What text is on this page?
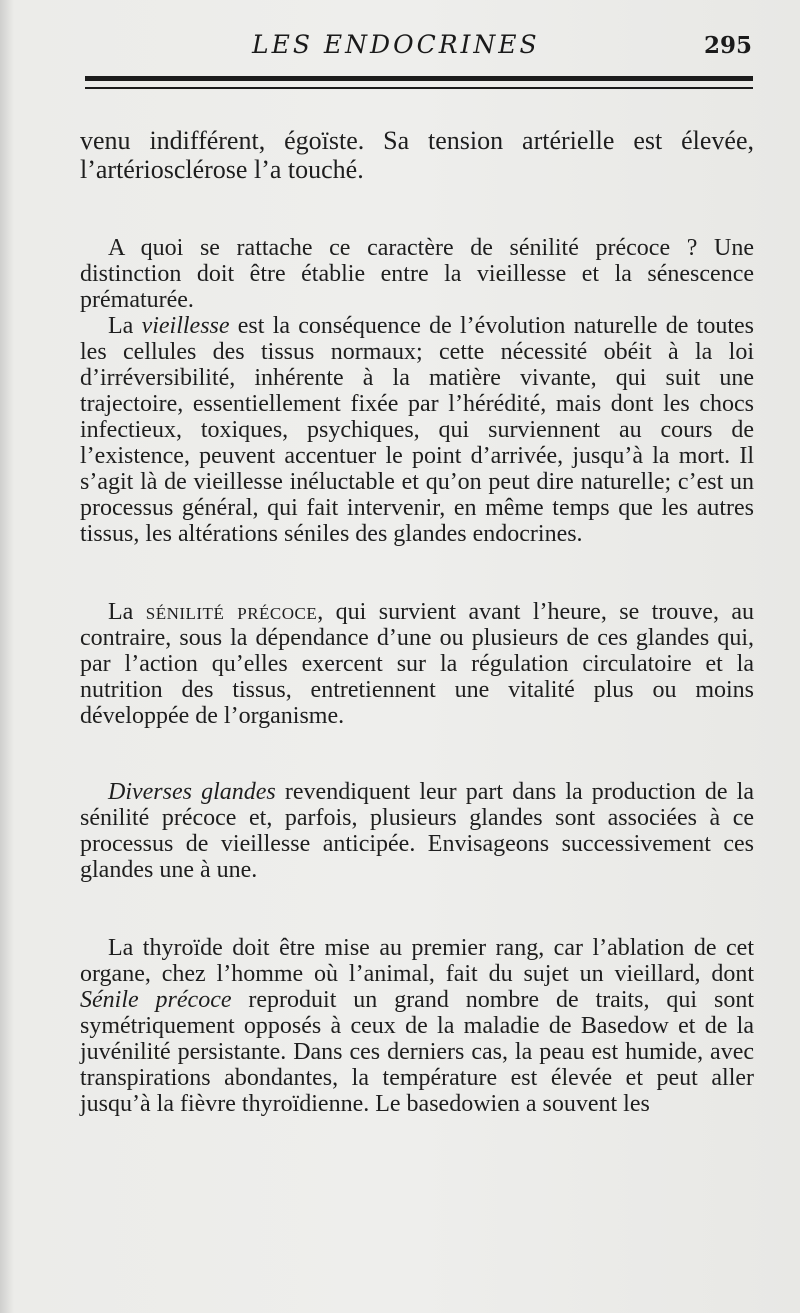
LES ENDOCRINES	295

venu indifférent, égoïste. Sa tension artérielle est élevée, l’artériosclérose l’a touché.

A quoi se rattache ce caractère de sénilité précoce ? Une distinction doit être établie entre la vieillesse et la sénescence prématurée.

La vieillesse est la conséquence de l’évolution naturelle de toutes les cellules des tissus normaux; cette nécessité obéit à la loi d’irréversibilité, inhérente à la matière vivante, qui suit une trajectoire, essentiellement fixée par l’hérédité, mais dont les chocs infectieux, toxiques, psychiques, qui surviennent au cours de l’existence, peuvent accentuer le point d’arrivée, jusqu’à la mort. Il s’agit là de vieillesse inéluctable et qu’on peut dire naturelle; c’est un processus général, qui fait intervenir, en même temps que les autres tissus, les altérations séniles des glandes endocrines.

La sénilité précoce, qui survient avant l’heure, se trouve, au contraire, sous la dépendance d’une ou plusieurs de ces glandes qui, par l’action qu’elles exercent sur la régulation circulatoire et la nutrition des tissus, entretiennent une vitalité plus ou moins développée de l’organisme.

Diverses glandes revendiquent leur part dans la production de la sénilité précoce et, parfois, plusieurs glandes sont associées à ce processus de vieillesse anticipée. Envisageons successivement ces glandes une à une.

La thyroïde doit être mise au premier rang, car l’ablation de cet organe, chez l’homme où l’animal, fait du sujet un vieillard, dont Sénile précoce reproduit un grand nombre de traits, qui sont symétriquement opposés à ceux de la maladie de Basedow et de la juvénilité persistante. Dans ces derniers cas, la peau est humide, avec transpirations abondantes, la température est élevée et peut aller jusqu’à la fièvre thyroïdienne. Le basedowien a souvent les
